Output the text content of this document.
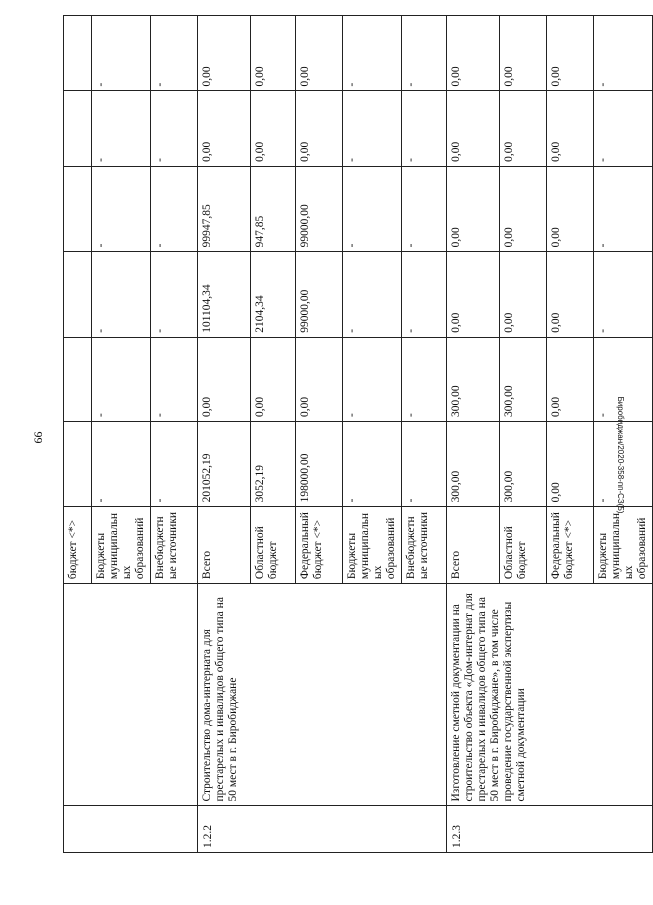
99	Биробиджан/2020-358-пп-СЗ(5)
		бюджет <*>						
		Бюджеты муниципальных образований	-	-	-	-	-	-
		Внебюджетные источники	-	-	-	-	-	-
1.2.2	Строительство дома-интерната для престарелых и инвалидов общего типа на 50 мест в г. Биробиджане	Всего	201052,19	0,00	101104,34	99947,85	0,00	0,00
		Областной бюджет	3052,19	0,00	2104,34	947,85	0,00	0,00
		Федеральный бюджет <*>	198000,00	0,00	99000,00	99000,00	0,00	0,00
		Бюджеты муниципальных образований	-	-	-	-	-	-
		Внебюджетные источники	-	-	-	-	-	-
1.2.3	Изготовление сметной документации на строительство объекта «Дом-интернат для престарелых и инвалидов общего типа на 50 мест в г. Биробиджане», в том числе проведение государственной экспертизы сметной документации	Всего	300,00	300,00	0,00	0,00	0,00	0,00
		Областной бюджет	300,00	300,00	0,00	0,00	0,00	0,00
		Федеральный бюджет <*>	0,00	0,00	0,00	0,00	0,00	0,00
		Бюджеты муниципальных образований	-	-	-	-	-	-
